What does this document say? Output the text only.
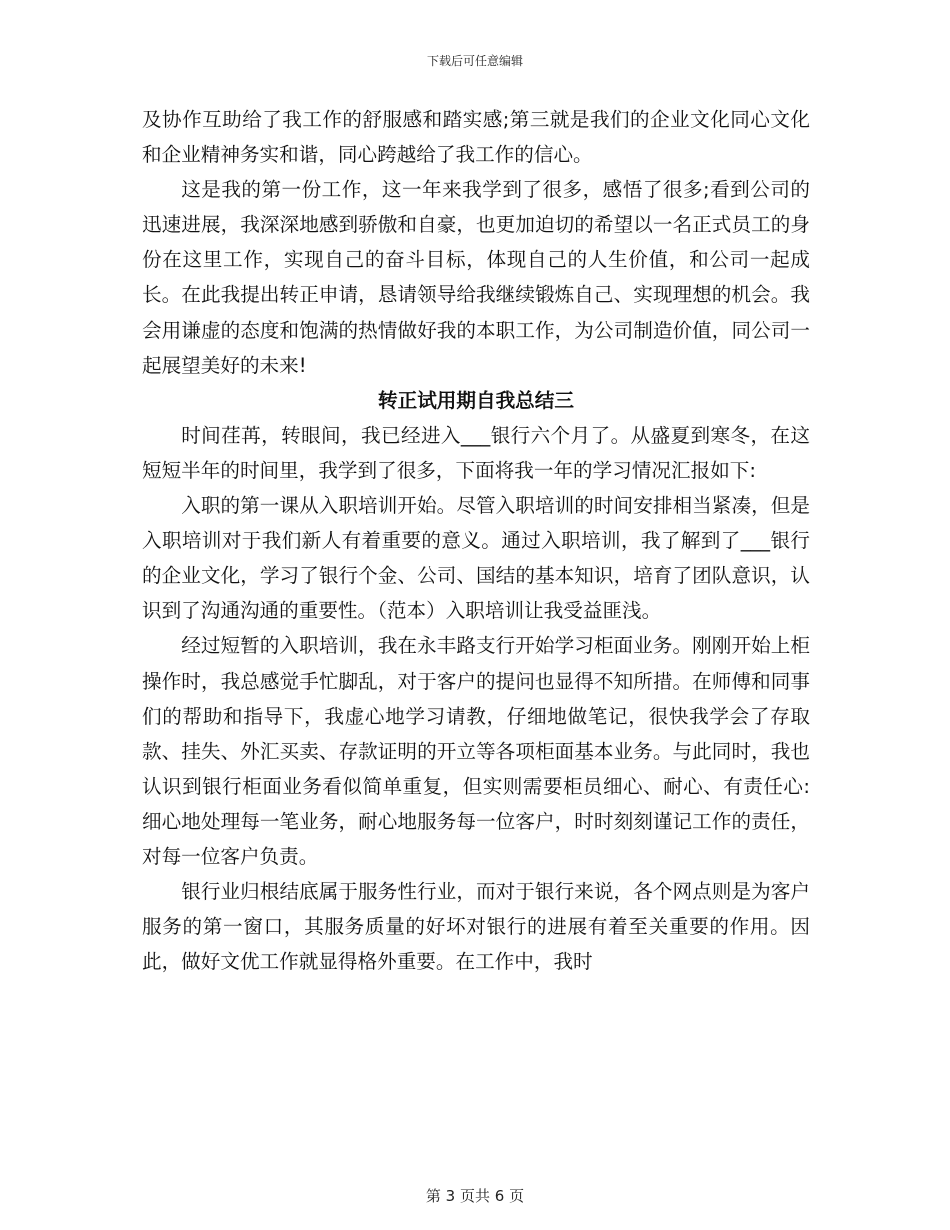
下载后可任意编辑

及协作互助给了我工作的舒服感和踏实感;第三就是我们的企业文化同心文化和企业精神务实和谐，同心跨越给了我工作的信心。

这是我的第一份工作，这一年来我学到了很多，感悟了很多;看到公司的迅速进展，我深深地感到骄傲和自豪，也更加迫切的希望以一名正式员工的身份在这里工作，实现自己的奋斗目标，体现自己的人生价值，和公司一起成长。在此我提出转正申请，恳请领导给我继续锻炼自己、实现理想的机会。我会用谦虚的态度和饱满的热情做好我的本职工作，为公司制造价值，同公司一起展望美好的未来!

转正试用期自我总结三

时间荏苒，转眼间，我已经进入___银行六个月了。从盛夏到寒冬，在这短短半年的时间里，我学到了很多，下面将我一年的学习情况汇报如下:

入职的第一课从入职培训开始。尽管入职培训的时间安排相当紧凑，但是入职培训对于我们新人有着重要的意义。通过入职培训，我了解到了___银行的企业文化，学习了银行个金、公司、国结的基本知识，培育了团队意识，认识到了沟通沟通的重要性。（范本）入职培训让我受益匪浅。

经过短暂的入职培训，我在永丰路支行开始学习柜面业务。刚刚开始上柜操作时，我总感觉手忙脚乱，对于客户的提问也显得不知所措。在师傅和同事们的帮助和指导下，我虚心地学习请教，仔细地做笔记，很快我学会了存取款、挂失、外汇买卖、存款证明的开立等各项柜面基本业务。与此同时，我也认识到银行柜面业务看似简单重复，但实则需要柜员细心、耐心、有责任心:细心地处理每一笔业务，耐心地服务每一位客户，时时刻刻谨记工作的责任，对每一位客户负责。

银行业归根结底属于服务性行业，而对于银行来说，各个网点则是为客户服务的第一窗口，其服务质量的好坏对银行的进展有着至关重要的作用。因此，做好文优工作就显得格外重要。在工作中，我时

第 3 页共 6 页
